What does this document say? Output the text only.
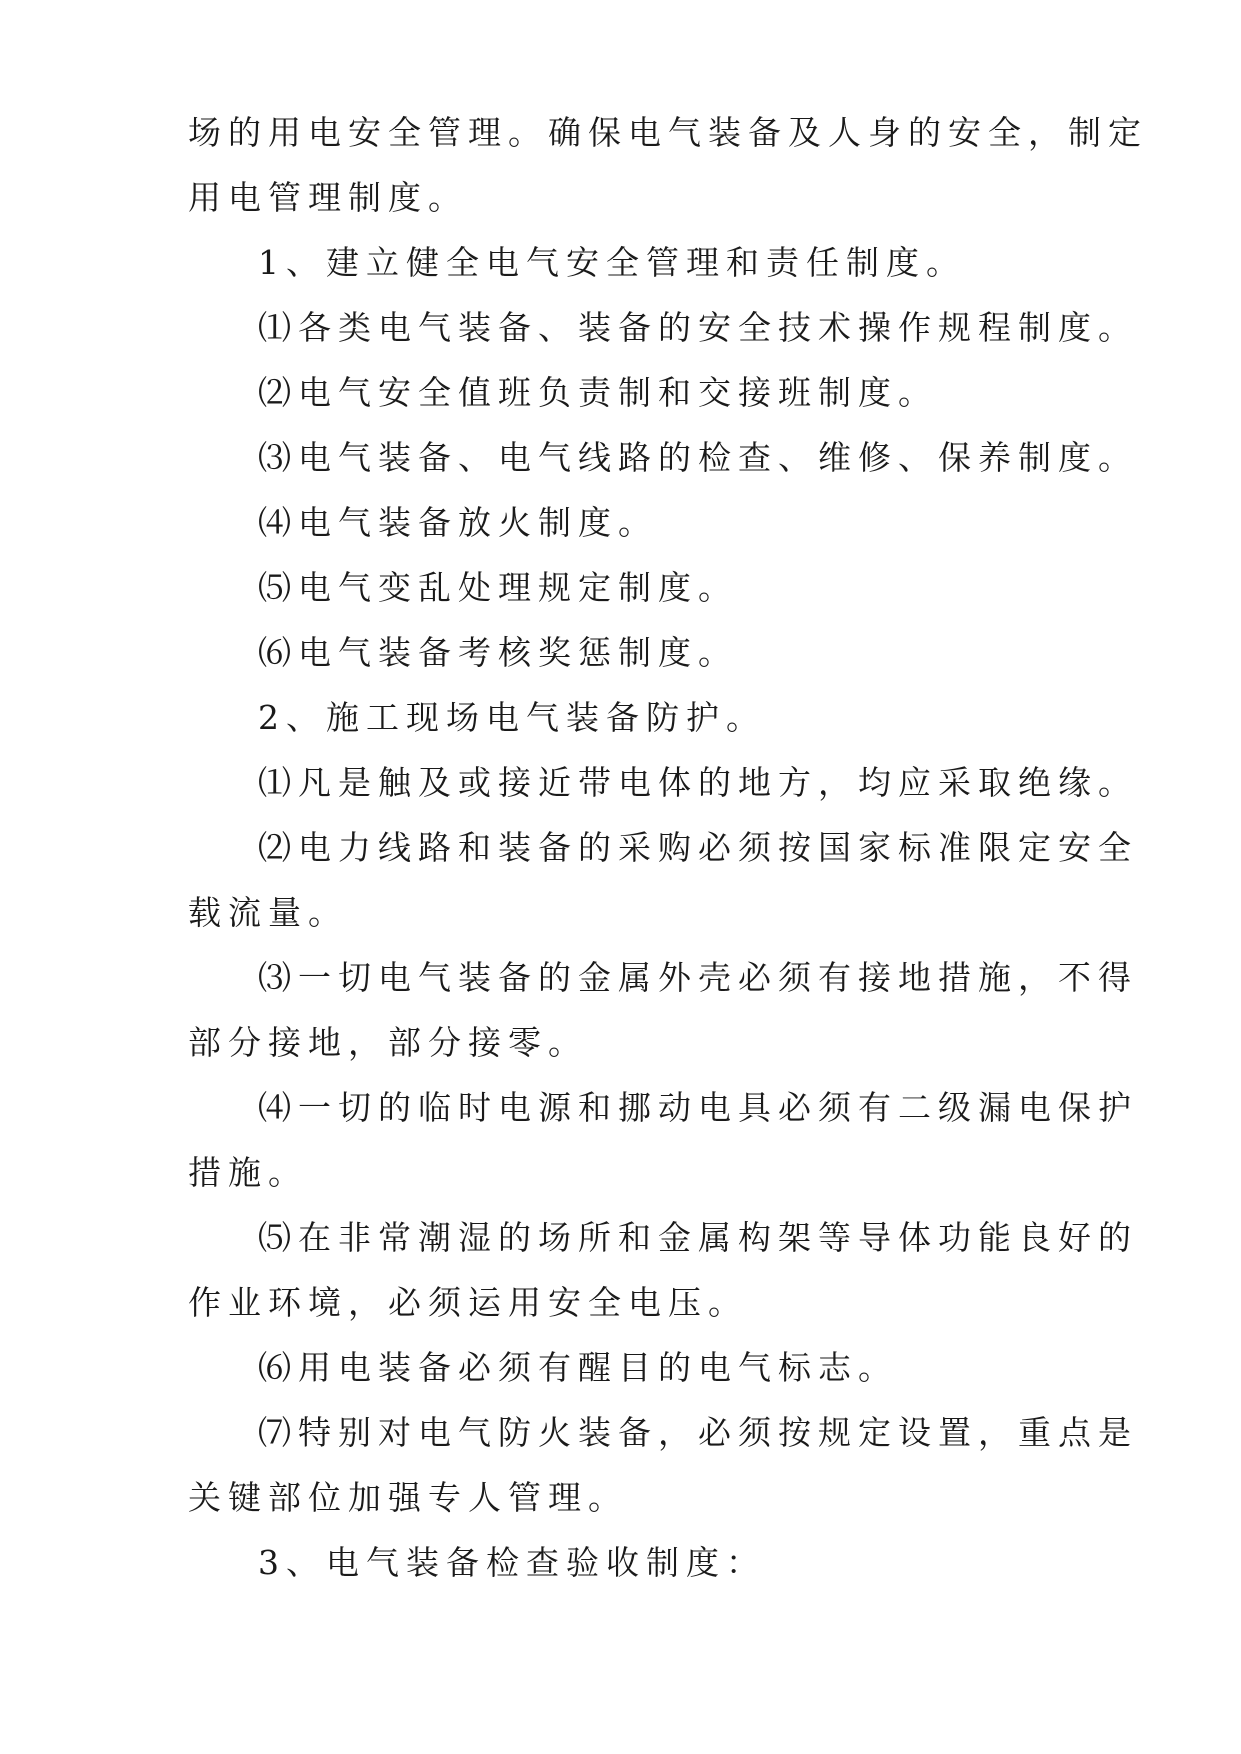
场的用电安全管理。确保电气装备及人身的安全，制定

用电管理制度。

1、建立健全电气安全管理和责任制度。

⑴各类电气装备、装备的安全技术操作规程制度。

⑵电气安全值班负责制和交接班制度。

⑶电气装备、电气线路的检查、维修、保养制度。

⑷电气装备放火制度。

⑸电气变乱处理规定制度。

⑹电气装备考核奖惩制度。

2、施工现场电气装备防护。

⑴凡是触及或接近带电体的地方，均应采取绝缘。

⑵电力线路和装备的采购必须按国家标准限定安全

载流量。

⑶一切电气装备的金属外壳必须有接地措施，不得

部分接地，部分接零。

⑷一切的临时电源和挪动电具必须有二级漏电保护

措施。

⑸在非常潮湿的场所和金属构架等导体功能良好的

作业环境，必须运用安全电压。

⑹用电装备必须有醒目的电气标志。

⑺特别对电气防火装备，必须按规定设置，重点是

关键部位加强专人管理。

3、电气装备检查验收制度：
